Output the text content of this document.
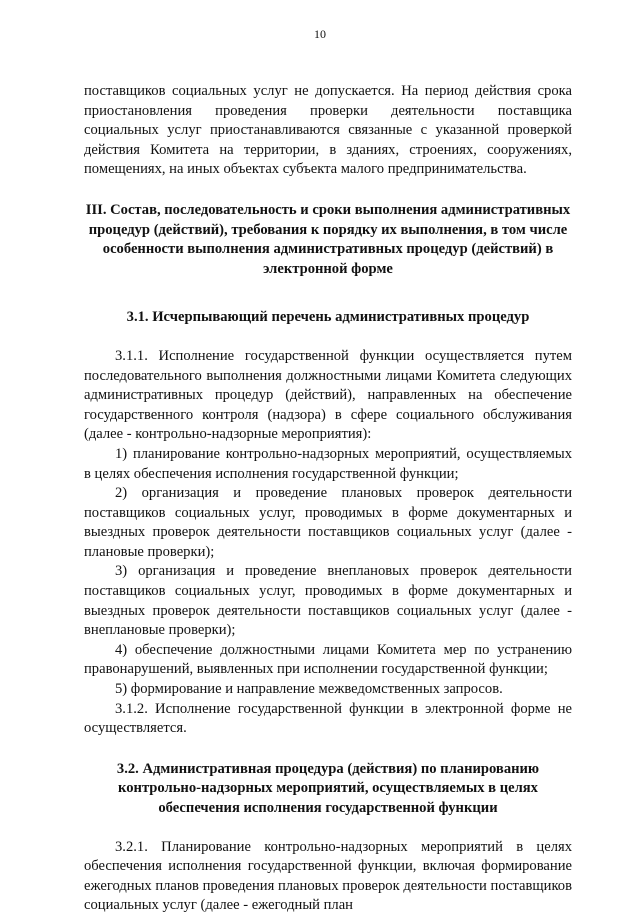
10

поставщиков социальных услуг не допускается. На период действия срока приостановления проведения проверки деятельности поставщика социальных услуг приостанавливаются связанные с указанной проверкой действия Комитета на территории, в зданиях, строениях, сооружениях, помещениях, на иных объектах субъекта малого предпринимательства.

III. Состав, последовательность и сроки выполнения административных процедур (действий), требования к порядку их выполнения, в том числе особенности выполнения административных процедур (действий) в электронной форме

3.1. Исчерпывающий перечень административных процедур

3.1.1. Исполнение государственной функции осуществляется путем последовательного выполнения должностными лицами Комитета следующих административных процедур (действий), направленных на обеспечение государственного контроля (надзора) в сфере социального обслуживания (далее - контрольно-надзорные мероприятия):

1) планирование контрольно-надзорных мероприятий, осуществляемых в целях обеспечения исполнения государственной функции;

2) организация и проведение плановых проверок деятельности поставщиков социальных услуг, проводимых в форме документарных и выездных проверок деятельности поставщиков социальных услуг (далее - плановые проверки);

3) организация и проведение внеплановых проверок деятельности поставщиков социальных услуг, проводимых в форме документарных и выездных проверок деятельности поставщиков социальных услуг (далее - внеплановые проверки);

4) обеспечение должностными лицами Комитета мер по устранению правонарушений, выявленных при исполнении государственной функции;

5) формирование и направление межведомственных запросов.

3.1.2. Исполнение государственной функции в электронной форме не осуществляется.

3.2. Административная процедура (действия) по планированию контрольно-надзорных мероприятий, осуществляемых в целях обеспечения исполнения государственной функции

3.2.1. Планирование контрольно-надзорных мероприятий в целях обеспечения исполнения государственной функции, включая формирование ежегодных планов проведения плановых проверок деятельности поставщиков социальных услуг (далее - ежегодный план
